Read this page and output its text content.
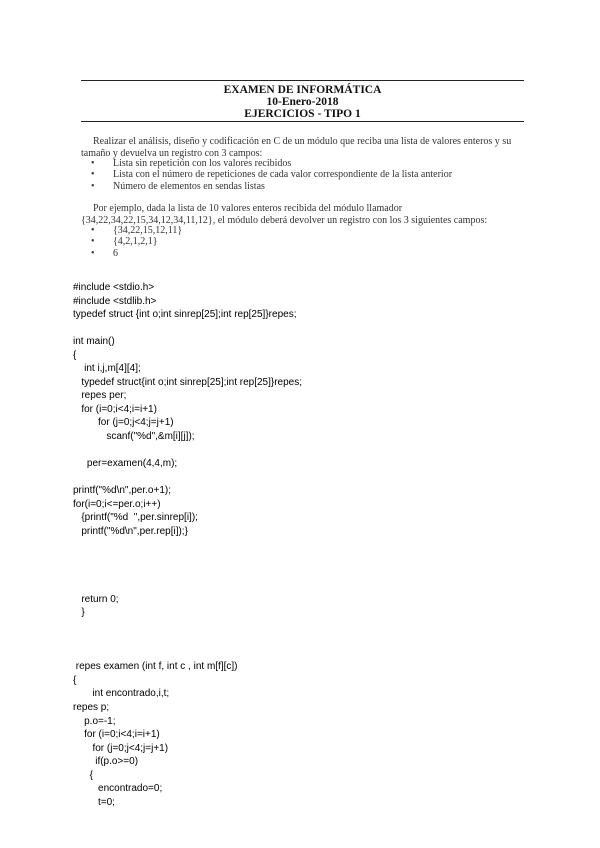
EXAMEN DE INFORMÁTICA
10-Enero-2018
EJERCICIOS - TIPO 1
Realizar el análisis, diseño y codificación en C de un módulo que reciba una lista de valores enteros y su tamaño y devuelva un registro con 3 campos:
• Lista sin repetición con los valores recibidos
• Lista con el número de repeticiones de cada valor correspondiente de la lista anterior
• Número de elementos en sendas listas
Por ejemplo, dada la lista de 10 valores enteros recibida del módulo llamador {34,22,34,22,15,34,12,34,11,12}, el módulo deberá devolver un registro con los 3 siguientes campos:
• {34,22,15,12,11}
• {4,2,1,2,1}
• 6
#include <stdio.h>
#include <stdlib.h>
typedef struct {int o;int sinrep[25];int rep[25]}repes;
int main()
{
int i,j,m[4][4];
typedef struct{int o;int sinrep[25];int rep[25]}repes;
repes per;
for (i=0;i<4;i=i+1)
for (j=0;j<4;j=j+1)
scanf("%d",&m[i][j]);
per=examen(4,4,m);
printf("%d\n",per.o+1);
for(i=0;i<=per.o;i++)
{printf("%d  ",per.sinrep[i]);
printf("%d\n",per.rep[i]);}
return 0;
}
repes examen (int f, int c , int m[f][c])
{
int encontrado,i,t;
repes p;
p.o=-1;
for (i=0;i<4;i=i+1)
for (j=0;j<4;j=j+1)
if(p.o>=0)
{
encontrado=0;
t=0;
